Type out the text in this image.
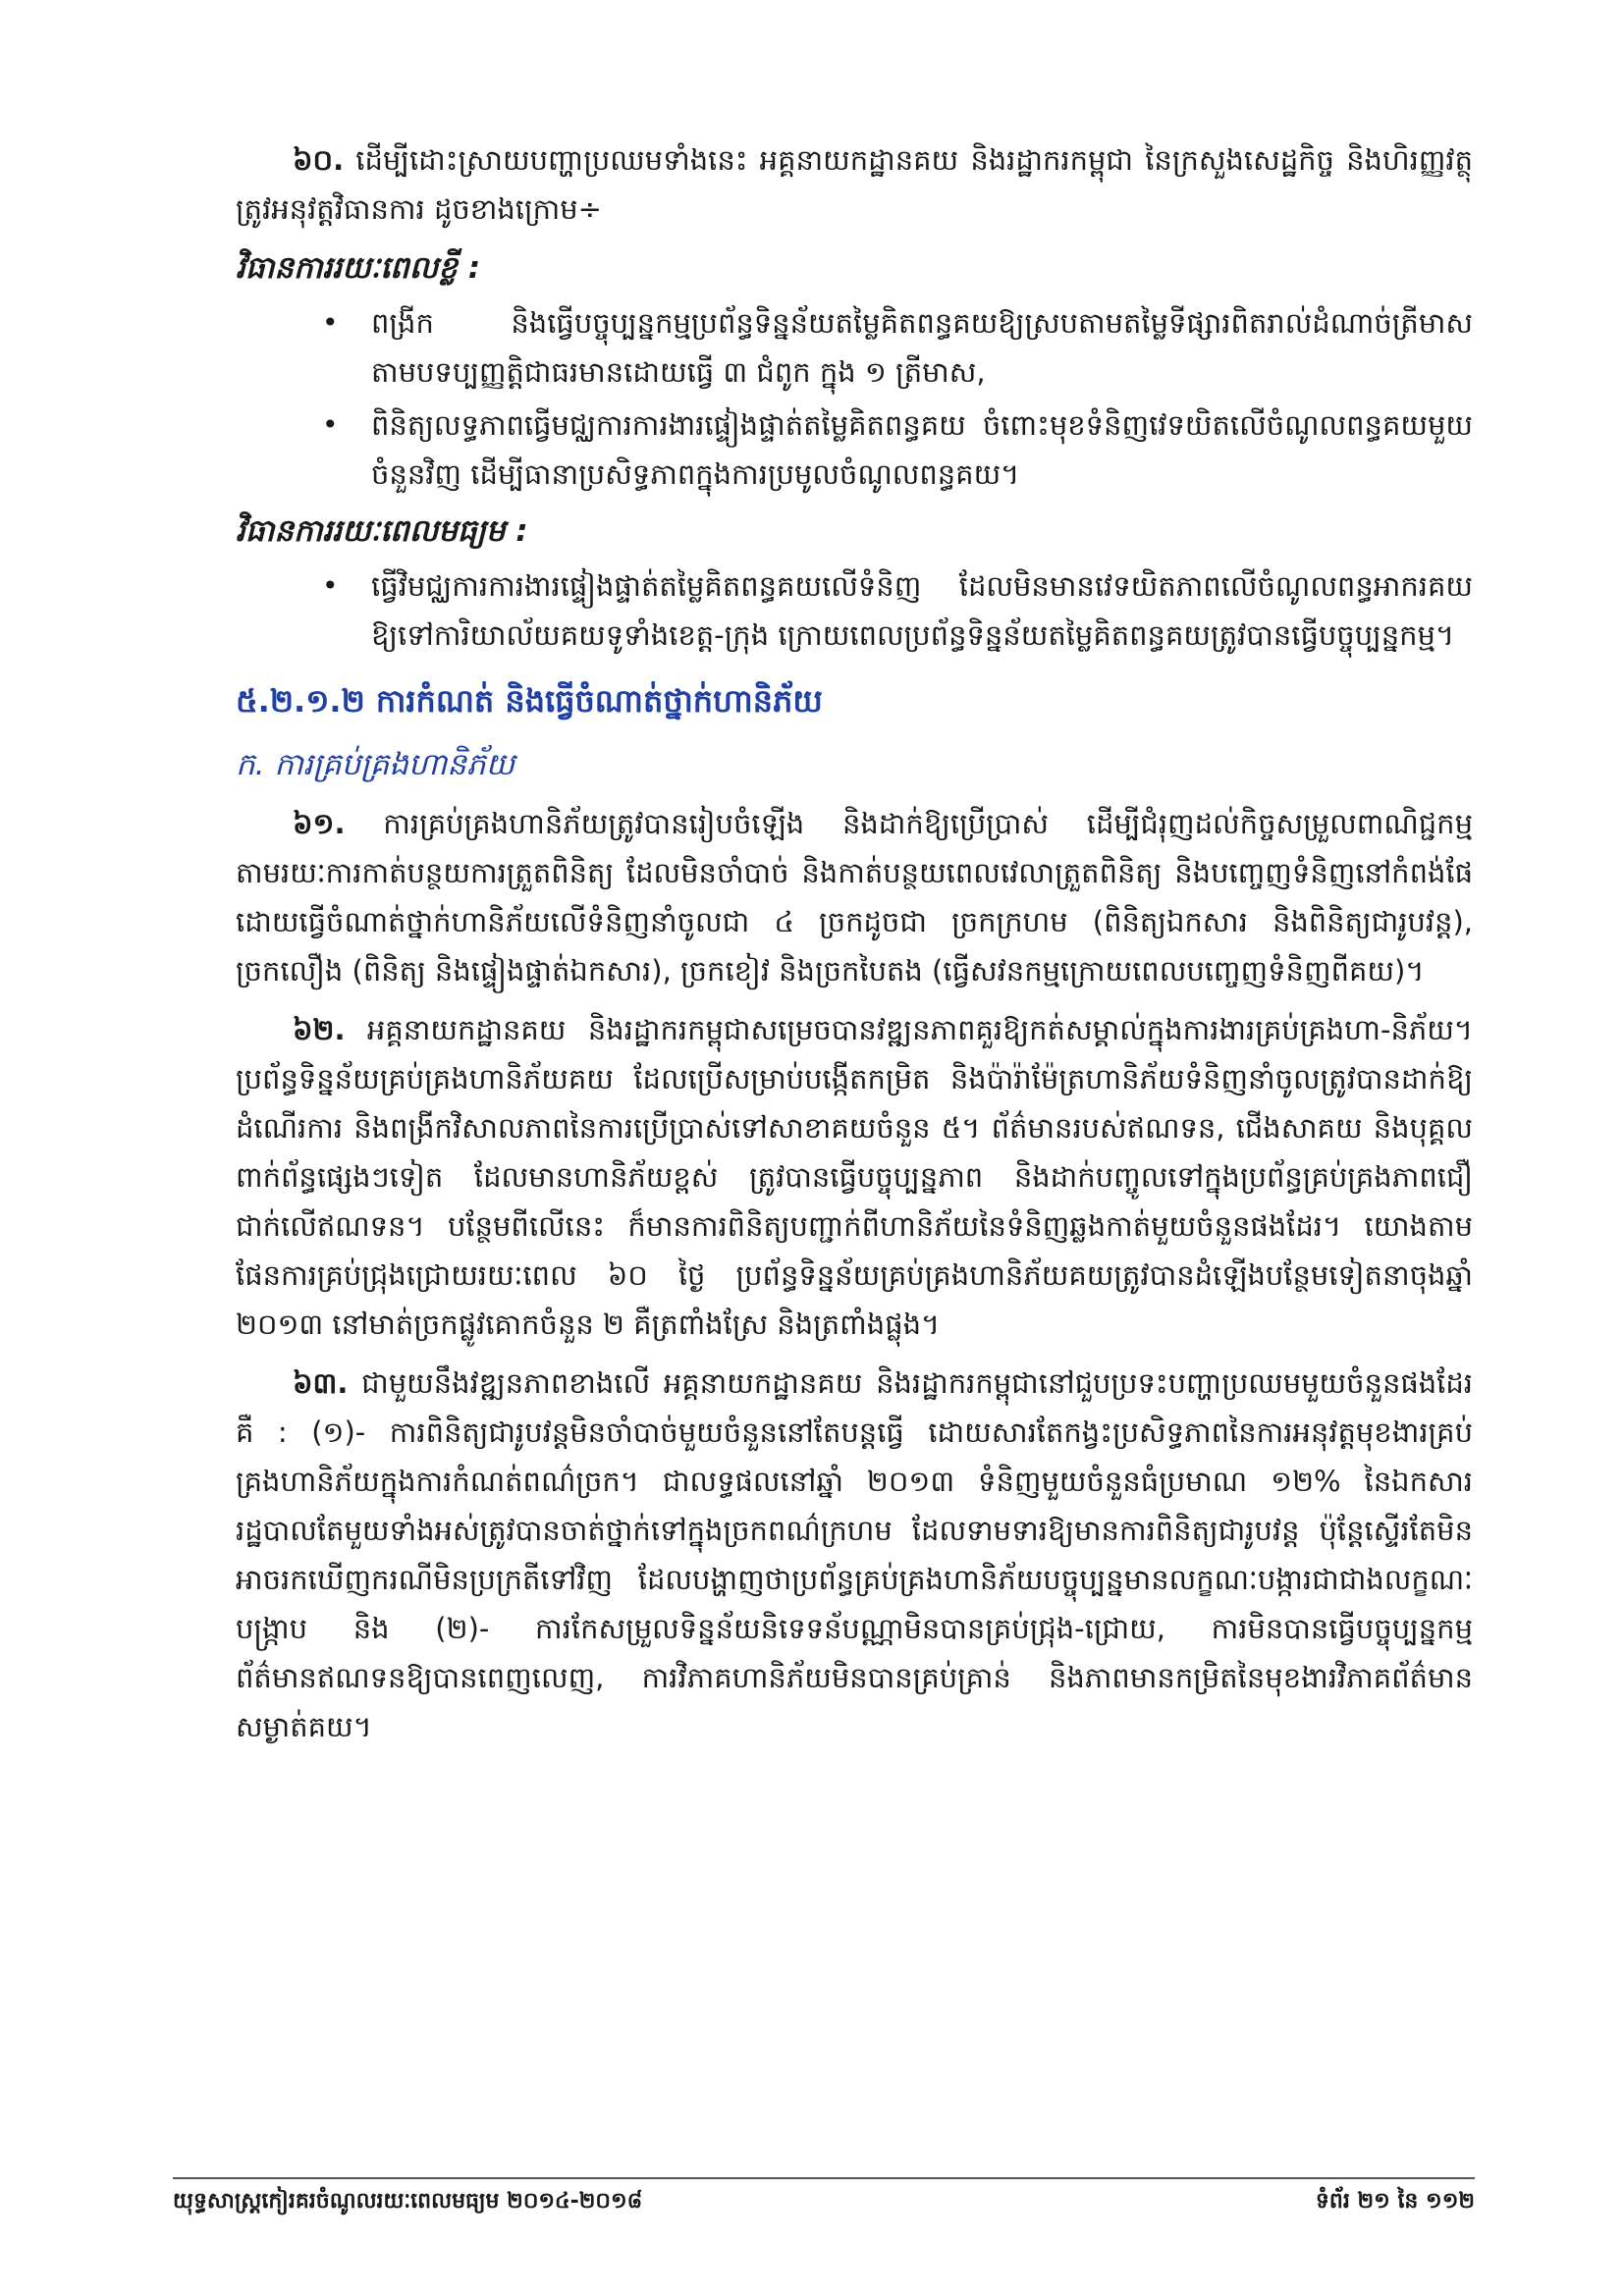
៦០. ដើម្បីដោះស្រាយបញ្ហាប្រឈមទាំងនេះ អគ្គនាយកដ្ឋានគយ និងរដ្ឋាករកម្ពុជា នៃក្រសួងសេដ្ឋកិច្ច និងហិរញ្ញវត្ថុ ត្រូវអនុវត្តវិធានការ ដូចខាងក្រោម÷

វិធានការរយៈពេលខ្លី :
• ពង្រីក និងធ្វើបច្ចុប្បន្នកម្មប្រព័ន្ធទិន្នន័យតម្លៃគិតពន្ធគយឱ្យស្របតាមតម្លៃទីផ្សារពិតរាល់ដំណាច់ត្រីមាសតាមបទប្បញ្ញត្តិជាធរមានដោយធ្វើ ៣ ជំពូក ក្នុង ១ ត្រីមាស,
• ពិនិត្យលទ្ធភាពធ្វើមជ្ឈការការងារផ្ទៀងផ្ទាត់តម្លៃគិតពន្ធគយ ចំពោះមុខទំនិញវេទយិតលើចំណូលពន្ធគយមួយចំនួនវិញ ដើម្បីធានាប្រសិទ្ធភាពក្នុងការប្រមូលចំណូលពន្ធគយ។
វិធានការរយៈពេលមធ្យម :
• ធ្វើវិមជ្ឈការការងារផ្ទៀងផ្ទាត់តម្លៃគិតពន្ធគយលើទំនិញ ដែលមិនមានវេទយិតភាពលើចំណូលពន្ធអាករគយឱ្យទៅការិយាល័យគយទូទាំងខេត្ត-ក្រុង ក្រោយពេលប្រព័ន្ធទិន្នន័យតម្លៃគិតពន្ធគយត្រូវបានធ្វើបច្ចុប្បន្នកម្ម។
៥.២.១.២ ការកំណត់ និងធ្វើចំណាត់ថ្នាក់ហានិភ័យ
ក. ការគ្រប់គ្រងហានិភ័យ

៦១. ការគ្រប់គ្រងហានិភ័យត្រូវបានរៀបចំឡើង និងដាក់ឱ្យប្រើប្រាស់ ដើម្បីជំរុញដល់កិច្ចសម្រួលពាណិជ្ជកម្មតាមរយៈការកាត់បន្ថយការត្រួតពិនិត្យ ដែលមិនចាំបាច់ និងកាត់បន្ថយពេលវេលាត្រួតពិនិត្យ និងបញ្ចេញទំនិញនៅកំពង់ផែ ដោយធ្វើចំណាត់ថ្នាក់ហានិភ័យលើទំនិញនាំចូលជា ៤ ច្រកដូចជា ច្រកក្រហម (ពិនិត្យឯកសារ និងពិនិត្យជារូបវន្ត), ច្រកលឿង (ពិនិត្យ និងផ្ទៀងផ្ទាត់ឯកសារ), ច្រកខៀវ និងច្រកបៃតង (ធ្វើសវនកម្មក្រោយពេលបញ្ចេញទំនិញពីគយ)។

៦២. អគ្គនាយកដ្ឋានគយ និងរដ្ឋាករកម្ពុជាសម្រេចបានវឌ្ឍនភាពគួរឱ្យកត់សម្គាល់ក្នុងការងារគ្រប់គ្រងហា-និភ័យ។ ប្រព័ន្ធទិន្នន័យគ្រប់គ្រងហានិភ័យគយ ដែលប្រើសម្រាប់បង្កើតកម្រិត និងប៉ារ៉ាម៉ែត្រហានិភ័យទំនិញនាំចូលត្រូវបានដាក់ឱ្យដំណើរការ និងពង្រីកវិសាលភាពនៃការប្រើប្រាស់ទៅសាខាគយចំនួន ៥។ ព័ត៌មានរបស់ឥណទន, ជើងសាគយ និងបុគ្គលពាក់ព័ន្ធផ្សេងៗទៀត ដែលមានហានិភ័យខ្ពស់ ត្រូវបានធ្វើបច្ចុប្បន្នភាព និងដាក់បញ្ចូលទៅក្នុងប្រព័ន្ធគ្រប់គ្រងភាពជឿជាក់លើឥណទន។ បន្ថែមពីលើនេះ ក៏មានការពិនិត្យបញ្ជាក់ពីហានិភ័យនៃទំនិញឆ្លងកាត់មួយចំនួនផងដែរ។ យោងតាមផែនការគ្រប់ជ្រុងជ្រោយរយៈពេល ៦០ ថ្ងៃ ប្រព័ន្ធទិន្នន័យគ្រប់គ្រងហានិភ័យគយត្រូវបានដំឡើងបន្ថែមទៀតនាចុងឆ្នាំ ២០១៣ នៅមាត់ច្រកផ្លូវគោកចំនួន ២ គឺត្រពាំងស្រែ និងត្រពាំងផ្លុង។

៦៣. ជាមួយនឹងវឌ្ឍនភាពខាងលើ អគ្គនាយកដ្ឋានគយ និងរដ្ឋាករកម្ពុជានៅជួបប្រទះបញ្ហាប្រឈមមួយចំនួនផងដែរ គឺ : (១)- ការពិនិត្យជារូបវន្តមិនចាំបាច់មួយចំនួននៅតែបន្តធ្វើ ដោយសារតែកង្វះប្រសិទ្ធភាពនៃការអនុវត្តមុខងារគ្រប់គ្រងហានិភ័យក្នុងការកំណត់ពណ៌ច្រក។ ជាលទ្ធផលនៅឆ្នាំ ២០១៣ ទំនិញមួយចំនួនធំប្រមាណ ១២% នៃឯកសាររដ្ឋបាលតែមួយទាំងអស់ត្រូវបានចាត់ថ្នាក់ទៅក្នុងច្រកពណ៌ក្រហម ដែលទាមទារឱ្យមានការពិនិត្យជារូបវន្ត ប៉ុន្តែស្ទើរតែមិនអាចរកឃើញករណីមិនប្រក្រតីទៅវិញ ដែលបង្ហាញថាប្រព័ន្ធគ្រប់គ្រងហានិភ័យបច្ចុប្បន្នមានលក្ខណៈបង្ការជាជាងលក្ខណៈបង្ក្រាប និង (២)- ការកែសម្រួលទិន្នន័យនិទេទន័បណ្ណាមិនបានគ្រប់ជ្រុង-ជ្រោយ, ការមិនបានធ្វើបច្ចុប្បន្នកម្មព័ត៌មានឥណទនឱ្យបានពេញលេញ, ការវិភាគហានិភ័យមិនបានគ្រប់គ្រាន់ និងភាពមានកម្រិតនៃមុខងារវិភាគព័ត៌មានសម្ងាត់គយ។

យុទ្ធសាស្ត្រកៀរគរចំណូលរយៈពេលមធ្យម ២០១៤-២០១៨	ទំព័រ ២១ នៃ ១១២
